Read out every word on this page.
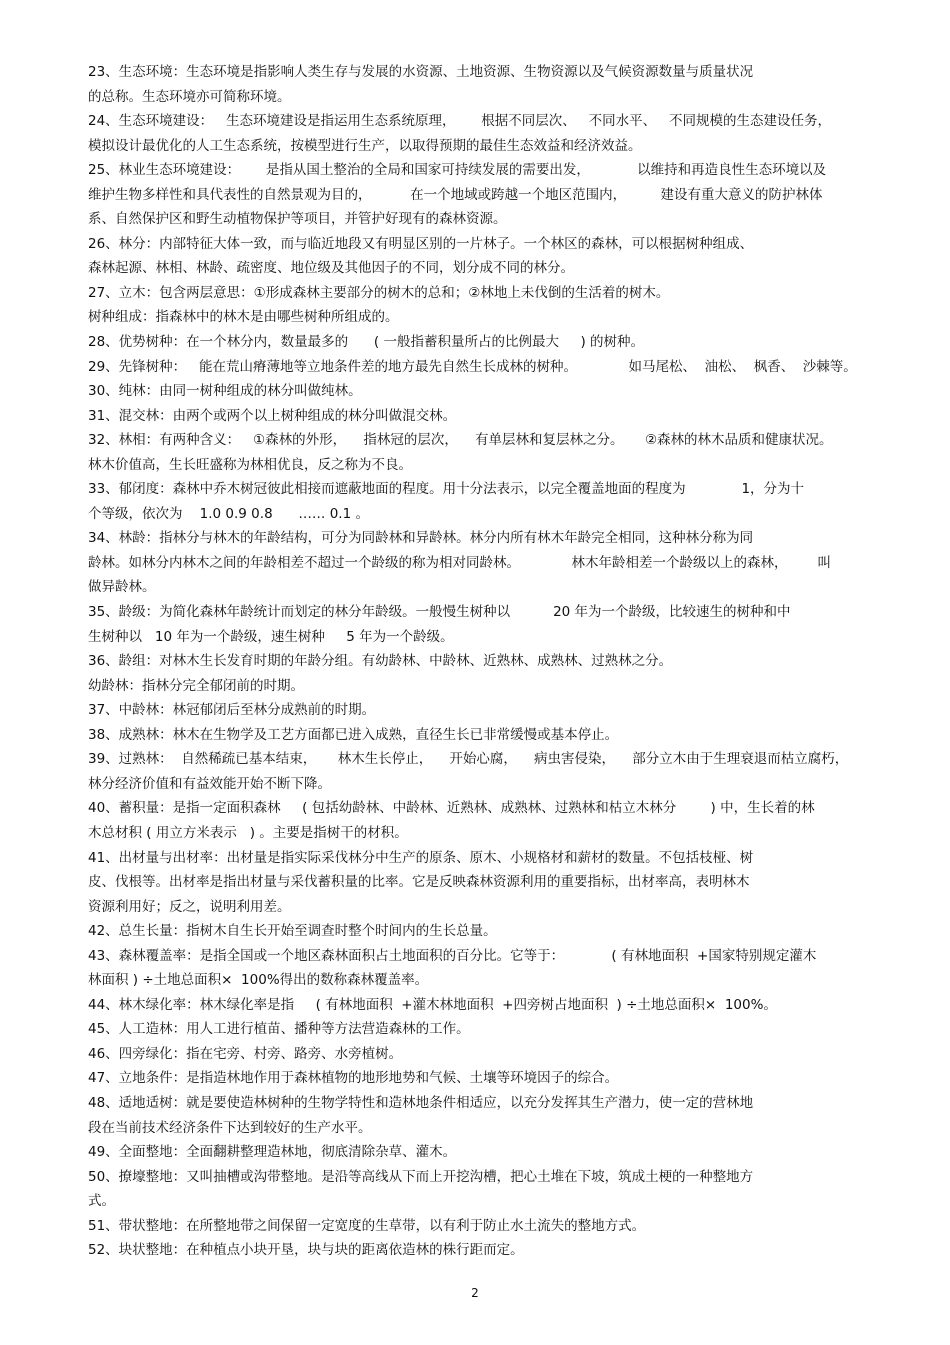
23、生态环境：生态环境是指影响人类生存与发展的水资源、土地资源、生物资源以及气候资源数量与质量状况
的总称。生态环境亦可简称环境。
24、生态环境建设：   生态环境建设是指运用生态系统原理，      根据不同层次、   不同水平、   不同规模的生态建设任务，
模拟设计最优化的人工生态系统，按模型进行生产，以取得预期的最佳生态效益和经济效益。
25、林业生态环境建设：      是指从国土整治的全局和国家可持续发展的需要出发，           以维持和再造良性生态环境以及
维护生物多样性和具代表性的自然景观为目的，         在一个地域或跨越一个地区范围内，        建设有重大意义的防护林体
系、自然保护区和野生动植物保护等项目，并管护好现有的森林资源。
26、林分：内部特征大体一致，而与临近地段又有明显区别的一片林子。一个林区的森林，可以根据树种组成、
森林起源、林相、林龄、疏密度、地位级及其他因子的不同，划分成不同的林分。
27、立木：包含两层意思：①形成森林主要部分的树木的总和；②林地上未伐倒的生活着的树木。
树种组成：指森林中的林木是由哪些树种所组成的。
28、优势树种：在一个林分内，数量最多的      ( 一般指蓄积量所占的比例最大     ) 的树种。
29、先锋树种：   能在荒山瘠薄地等立地条件差的地方最先自然生长成林的树种。            如马尾松、  油松、  枫香、  沙棘等。
30、纯林：由同一树种组成的林分叫做纯林。
31、混交林：由两个或两个以上树种组成的林分叫做混交林。
32、林相：有两种含义：   ①森林的外形，    指林冠的层次，    有单层林和复层林之分。     ②森林的林木品质和健康状况。
林木价值高，生长旺盛称为林相优良，反之称为不良。
33、郁闭度：森林中乔木树冠彼此相接而遮蔽地面的程度。用十分法表示，以完全覆盖地面的程度为             1，分为十
个等级，依次为    1.0 0.9 0.8      …… 0.1 。
34、林龄：指林分与林木的年龄结构，可分为同龄林和异龄林。林分内所有林木年龄完全相同，这种林分称为同
龄林。如林分内林木之间的年龄相差不超过一个龄级的称为相对同龄林。            林木年龄相差一个龄级以上的森林，       叫
做异龄林。
35、龄级：为简化森林年龄统计而划定的林分年龄级。一般慢生树种以          20 年为一个龄级，比较速生的树种和中
生树种以   10 年为一个龄级，速生树种     5 年为一个龄级。
36、龄组：对林木生长发育时期的年龄分组。有幼龄林、中龄林、近熟林、成熟林、过熟林之分。
幼龄林：指林分完全郁闭前的时期。
37、中龄林：林冠郁闭后至林分成熟前的时期。
38、成熟林：林木在生物学及工艺方面都已进入成熟，直径生长已非常缓慢或基本停止。
39、过熟林：  自然稀疏已基本结束，     林木生长停止，    开始心腐，    病虫害侵染，    部分立木由于生理衰退而枯立腐朽，
林分经济价值和有益效能开始不断下降。
40、蓄积量：是指一定面积森林     ( 包括幼龄林、中龄林、近熟林、成熟林、过熟林和枯立木林分        ) 中，生长着的林
木总材积 ( 用立方米表示   ) 。主要是指树干的材积。
41、出材量与出材率：出材量是指实际采伐林分中生产的原条、原木、小规格材和薪材的数量。不包括枝桠、树
皮、伐根等。出材率是指出材量与采伐蓄积量的比率。它是反映森林资源利用的重要指标，出材率高，表明林木
资源利用好；反之，说明利用差。
42、总生长量：指树木自生长开始至调查时整个时间内的生长总量。
43、森林覆盖率：是指全国或一个地区森林面积占土地面积的百分比。它等于：           ( 有林地面积  +国家特别规定灌木
林面积 ) ÷土地总面积×  100%得出的数称森林覆盖率。
44、林木绿化率：林木绿化率是指     ( 有林地面积  +灌木林地面积  +四旁树占地面积  ) ÷土地总面积×  100%。
45、人工造林：用人工进行植苗、播种等方法营造森林的工作。
46、四旁绿化：指在宅旁、村旁、路旁、水旁植树。
47、立地条件：是指造林地作用于森林植物的地形地势和气候、土壤等环境因子的综合。
48、适地适树：就是要使造林树种的生物学特性和造林地条件相适应，以充分发挥其生产潜力，使一定的营林地
段在当前技术经济条件下达到较好的生产水平。
49、全面整地：全面翻耕整理造林地，彻底清除杂草、灌木。
50、撩壕整地：又叫抽槽或沟带整地。是沿等高线从下而上开挖沟槽，把心土堆在下坡，筑成土梗的一种整地方
式。
51、带状整地：在所整地带之间保留一定宽度的生草带，以有利于防止水土流失的整地方式。
52、块状整地：在种植点小块开垦，块与块的距离依造林的株行距而定。
2
